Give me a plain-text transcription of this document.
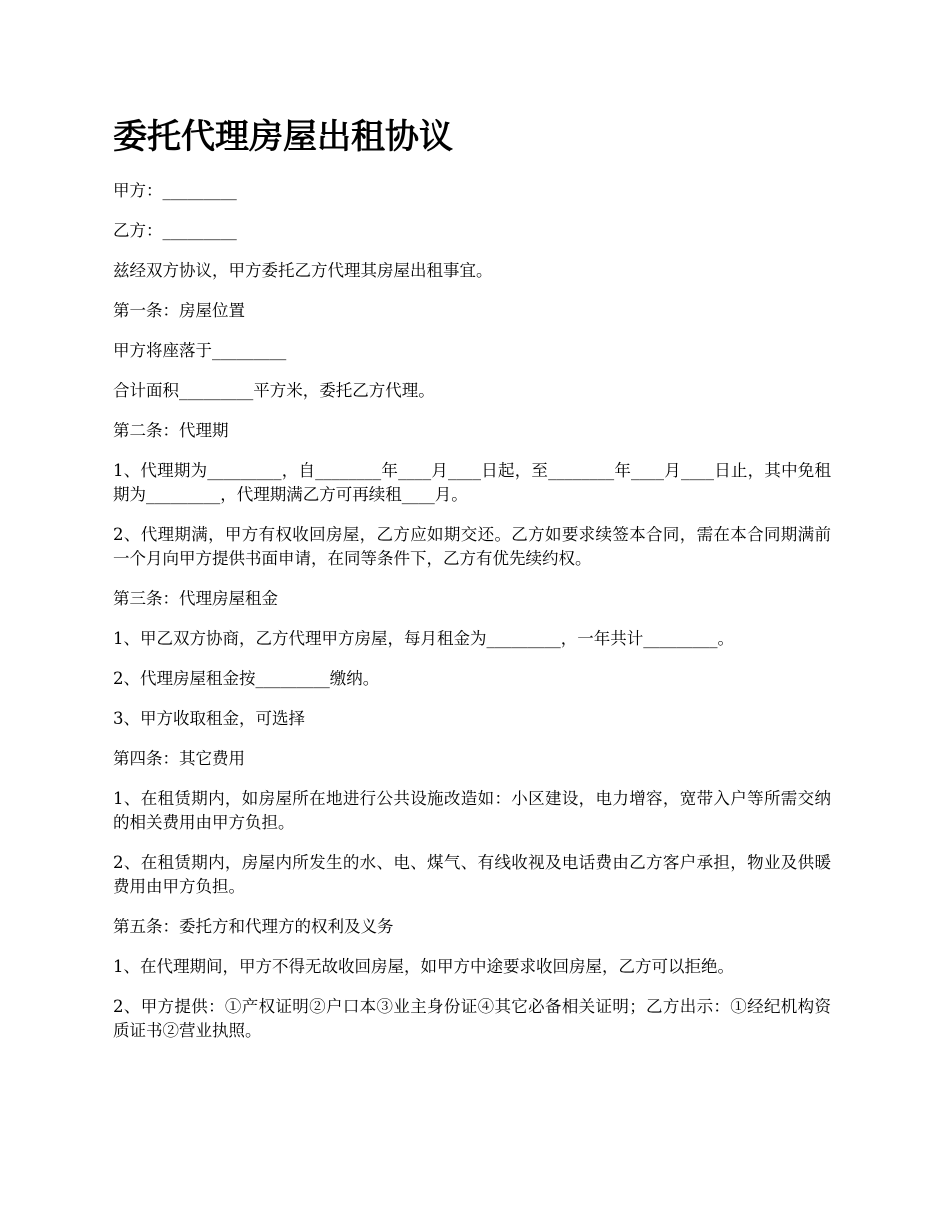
委托代理房屋出租协议

甲方：_________

乙方：_________

兹经双方协议，甲方委托乙方代理其房屋出租事宜。

第一条：房屋位置

甲方将座落于_________

合计面积_________平方米，委托乙方代理。

第二条：代理期

1、代理期为_________，自________年____月____日起，至________年____月____日止，其中免租期为_________，代理期满乙方可再续租____月。

2、代理期满，甲方有权收回房屋，乙方应如期交还。乙方如要求续签本合同，需在本合同期满前一个月向甲方提供书面申请，在同等条件下，乙方有优先续约权。

第三条：代理房屋租金

1、甲乙双方协商，乙方代理甲方房屋，每月租金为_________，一年共计_________。

2、代理房屋租金按_________缴纳。

3、甲方收取租金，可选择

第四条：其它费用

1、在租赁期内，如房屋所在地进行公共设施改造如：小区建设，电力增容，宽带入户等所需交纳的相关费用由甲方负担。

2、在租赁期内，房屋内所发生的水、电、煤气、有线收视及电话费由乙方客户承担，物业及供暖费用由甲方负担。

第五条：委托方和代理方的权利及义务

1、在代理期间，甲方不得无故收回房屋，如甲方中途要求收回房屋，乙方可以拒绝。

2、甲方提供：①产权证明②户口本③业主身份证④其它必备相关证明；乙方出示：①经纪机构资质证书②营业执照。
